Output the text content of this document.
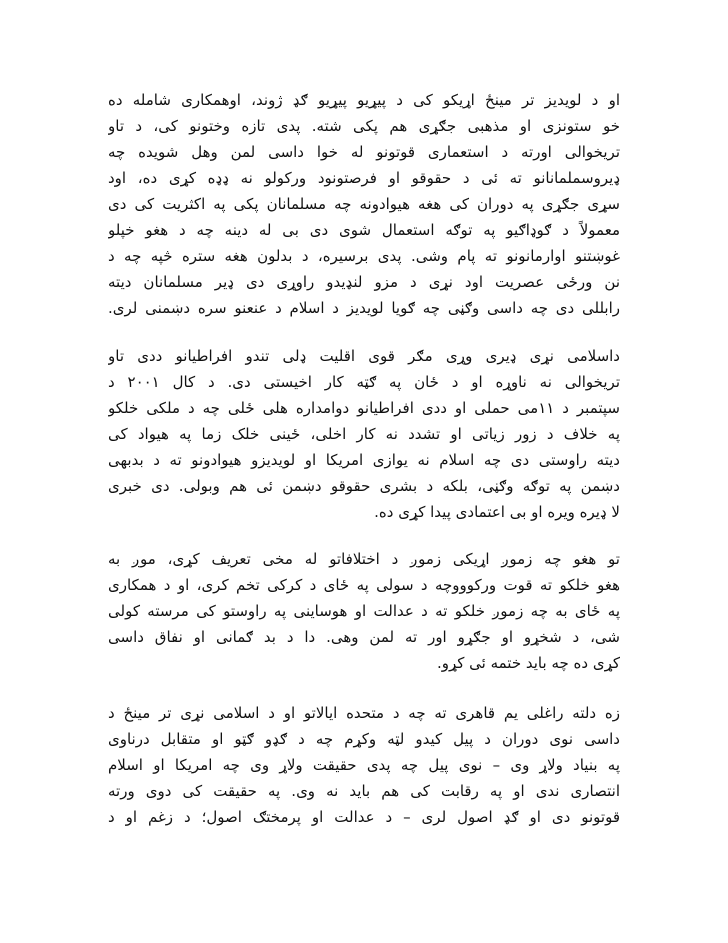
او د لویدیز تر مینځ اړیکو کی د پیړیو پیړیو ګډ ژوند، اوهمکاری شامله ده

خو ستونزی او مذهبی جګړی هم پکی شته. پدی تازه وختونو کی، د تاو

تریخوالی اورته د استعماری قوتونو له خوا داسی لمن وهل شویده چه

ډیروسملمانانو ته ئی د حقوقو او فرصتونود ورکولو نه ډډه کړی ده، اود

سړی جګړی په دوران کی هغه هیوادونه چه مسلمانان پکی په اکثریت کی دی

معمولاً د ګوډاګیو په توګه استعمال شوی دی بی له دینه چه د هغو خپلو

غوښتنو اوارمانونو ته پام وشی. پدی برسیره، د بدلون هغه ستره څپه چه د

نن ورځی عصریت اود نړی د مزو لنډیدو راوړی دی ډیر مسلمانان دیته

رابللی دی چه داسی وګڼی چه ګویا لویدیز د اسلام د عنعنو سره دښمنی لری.

داسلامی نړی ډیری وړی مګر قوی اقلیت ډلی تندو افراطیانو ددی تاو

تریخوالی نه ناوړه او د ځان په ګټه کار اخیستی دی. د کال ۲۰۰۱ د

سپتمبر د ۱۱می حملی او ددی افراطیانو دوامداره هلی ځلی چه د ملکی خلکو

په خلاف د زور زیاتی او تشدد نه کار اخلی، ځینی خلک زما په هیواد کی

دیته راوستی دی چه اسلام نه یوازی امریکا او لویدیزو هیوادونو ته د بدبهی

دښمن په توګه وګڼی، بلکه د بشری حقوقو دښمن ئی هم وبولی. دی خبری

لا ډیره ویره او بی اعتمادی پیدا کړی ده.

تو هغو چه زموږ اړیکی زموږ د اختلافاتو له مخی تعریف کړی، موږ به

هغو خلکو ته قوت ورکوووچه د سولی په ځای د کرکی تخم کری، او د همکاری

په ځای به چه زموږ خلکو ته د عدالت او هوساینی په راوستو کی مرسته کولی

شی، د شخړو او جګړو اور ته لمن وهی. دا د بد ګمانی او نفاق داسی

کړی ده چه باید ختمه ئی کړو.

زه دلته راغلی یم قاهری ته چه د متحده ایالاتو او د اسلامی نړی تر مینځ د

داسی نوی دوران د پیل کیدو لټه وکړم چه د ګډو ګټو او متقابل درناوی

په بنیاد ولاړ وی – نوی پیل چه پدی حقیقت ولاړ وی چه امریکا او اسلام

انتصاری ندی او په رقابت کی هم باید نه وی. په حقیقت کی دوی ورته

قوتونو دی او ګډ اصول لری – د عدالت او پرمختګ اصول؛ د زغم او د
